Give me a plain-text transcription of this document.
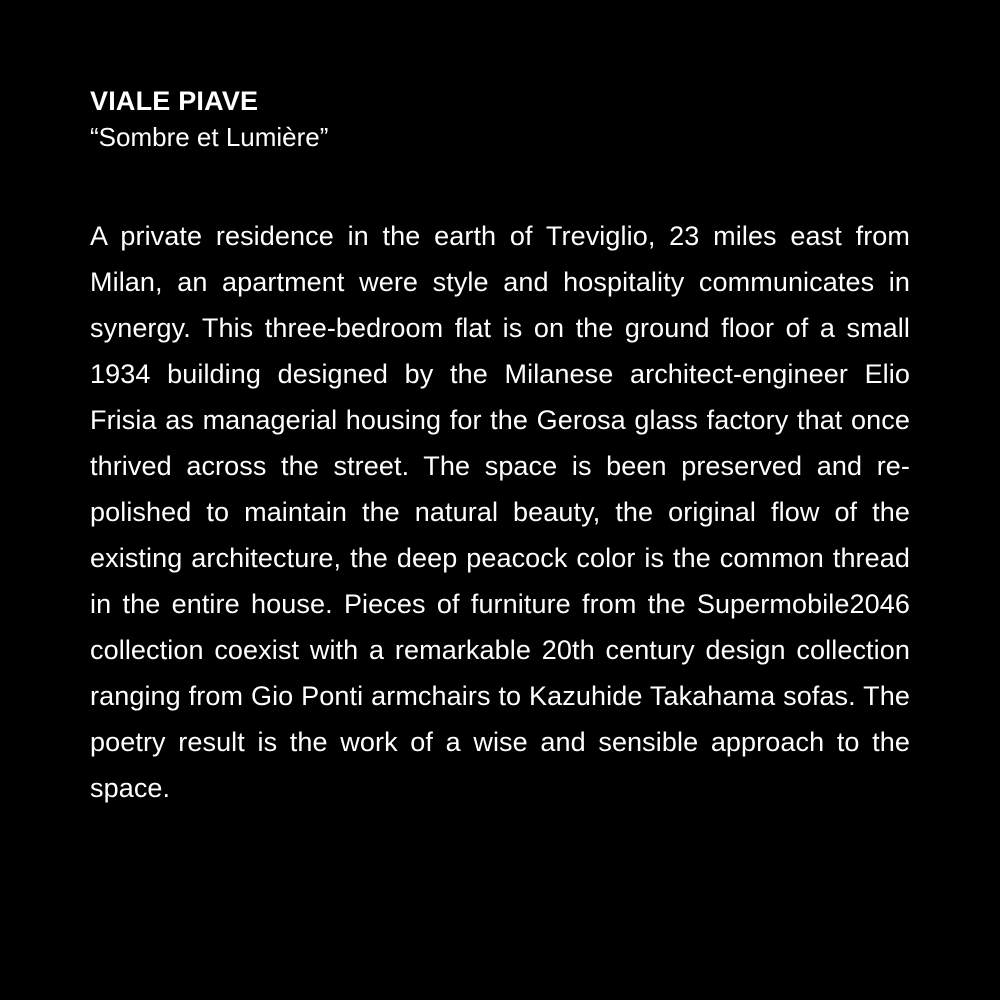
VIALE PIAVE

“Sombre et Lumière”

A private residence in the earth of Treviglio, 23 miles east from Milan, an apartment were style and hospitality communicates in synergy. This three-bedroom flat is on the ground floor of a small 1934 building designed by the Milanese architect-engineer Elio Frisia as managerial housing for the Gerosa glass factory that once thrived across the street. The space is been preserved and re-polished to maintain the natural beauty, the original flow of the existing architecture, the deep peacock color is the common thread in the entire house. Pieces of furniture from the Supermobile2046 collection coexist with a remarkable 20th century design collection ranging from Gio Ponti armchairs to Kazuhide Takahama sofas. The poetry result is the work of a wise and sensible approach to the space.
